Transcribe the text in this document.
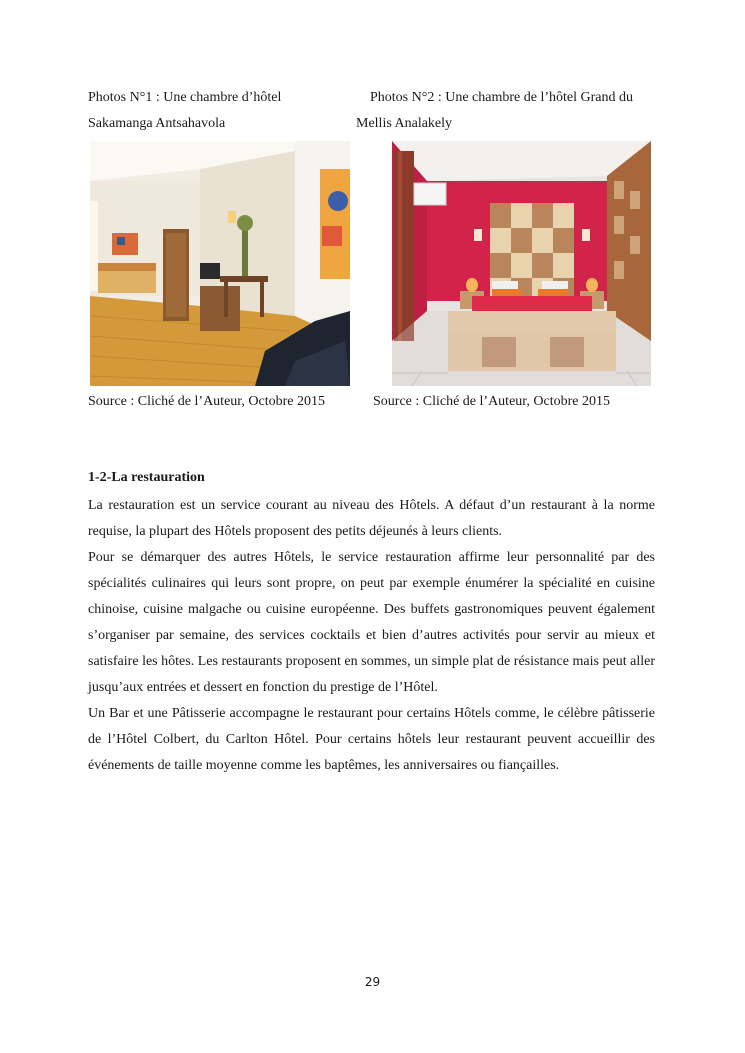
Photos N°1 : Une chambre d’hôtel
Sakamanga Antsahavola
Photos N°2 : Une chambre de l’hôtel Grand du
Mellis Analakely
Source : Cliché de l’Auteur, Octobre 2015	Source : Cliché de l’Auteur, Octobre 2015
1-2-La restauration

La restauration est un service courant au niveau des Hôtels. A défaut d’un restaurant à la norme requise, la plupart des Hôtels proposent des petits déjeunés à leurs clients.

Pour se démarquer des autres Hôtels, le service restauration affirme leur personnalité par des spécialités culinaires qui leurs sont propre, on peut par exemple énumérer la spécialité en cuisine chinoise, cuisine malgache ou cuisine européenne. Des buffets gastronomiques peuvent également s’organiser par semaine, des services cocktails et bien d’autres activités pour servir au mieux et satisfaire les hôtes. Les restaurants proposent en sommes, un simple plat de résistance mais peut aller jusqu’aux entrées et dessert en fonction du prestige de l’Hôtel.

Un Bar et une Pâtisserie accompagne le restaurant pour certains Hôtels comme, le célèbre pâtisserie de l’Hôtel Colbert, du Carlton Hôtel. Pour certains hôtels leur restaurant peuvent accueillir des événements de taille moyenne comme les baptêmes, les anniversaires ou fiançailles.

29
